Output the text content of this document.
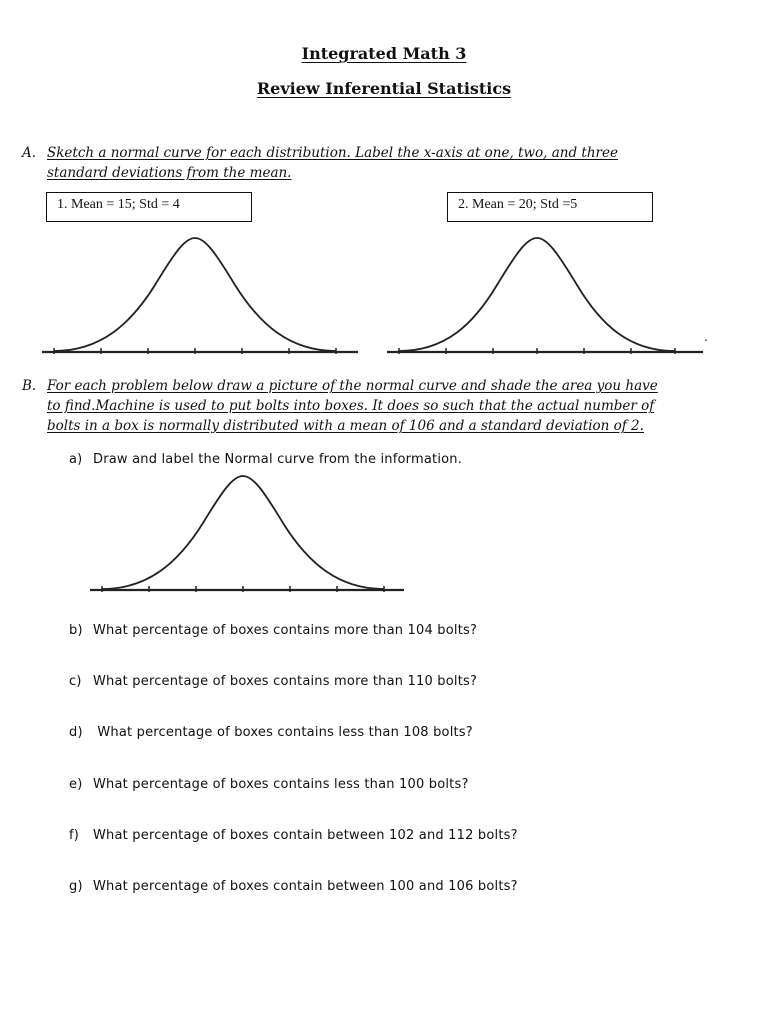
Integrated Math 3
Review Inferential Statistics
A. Sketch a normal curve for each distribution. Label the x-axis at one, two, and three
standard deviations from the mean.
1. Mean = 15; Std = 4	2. Mean = 20; Std =5
.
B. For each problem below draw a picture of the normal curve and shade the area you have
to find.Machine is used to put bolts into boxes. It does so such that the actual number of
bolts in a box is normally distributed with a mean of 106 and a standard deviation of 2.
a) Draw and label the Normal curve from the information.
b) What percentage of boxes contains more than 104 bolts?
c) What percentage of boxes contains more than 110 bolts?
d) What percentage of boxes contains less than 108 bolts?
e) What percentage of boxes contains less than 100 bolts?
f) What percentage of boxes contain between 102 and 112 bolts?
g) What percentage of boxes contain between 100 and 106 bolts?
